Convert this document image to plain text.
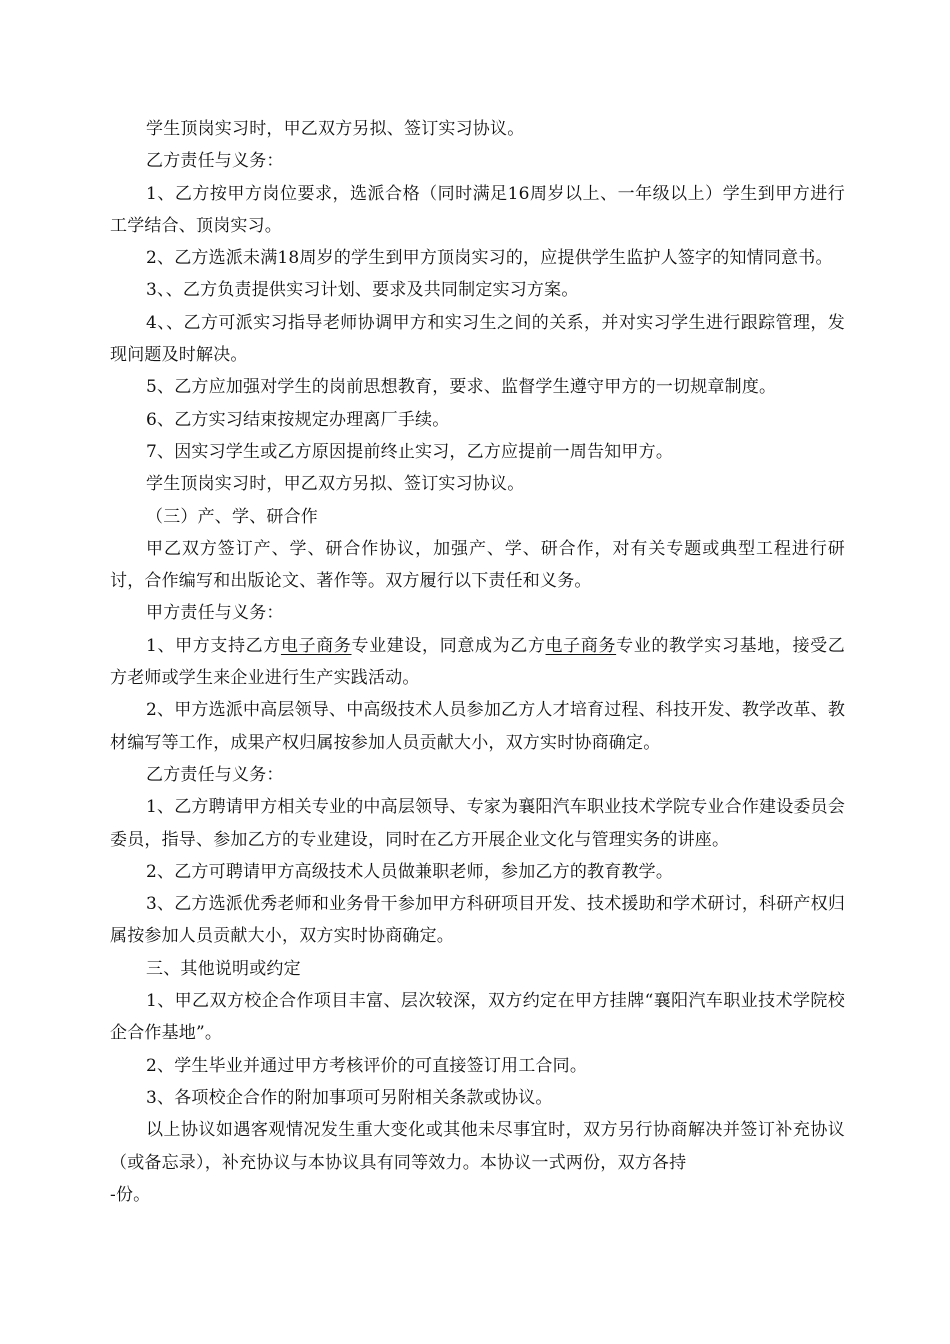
学生顶岗实习时，甲乙双方另拟、签订实习协议。

乙方责任与义务：

1、乙方按甲方岗位要求，选派合格（同时满足16周岁以上、一年级以上）学生到甲方进行工学结合、顶岗实习。

2、乙方选派未满18周岁的学生到甲方顶岗实习的，应提供学生监护人签字的知情同意书。

3、、乙方负责提供实习计划、要求及共同制定实习方案。

4、、乙方可派实习指导老师协调甲方和实习生之间的关系，并对实习学生进行跟踪管理，发现问题及时解决。

5、乙方应加强对学生的岗前思想教育，要求、监督学生遵守甲方的一切规章制度。

6、乙方实习结束按规定办理离厂手续。

7、因实习学生或乙方原因提前终止实习，乙方应提前一周告知甲方。

学生顶岗实习时，甲乙双方另拟、签订实习协议。

（三）产、学、研合作

甲乙双方签订产、学、研合作协议，加强产、学、研合作，对有关专题或典型工程进行研讨，合作编写和出版论文、著作等。双方履行以下责任和义务。

甲方责任与义务：

1、甲方支持乙方电子商务专业建设，同意成为乙方电子商务专业的教学实习基地，接受乙方老师或学生来企业进行生产实践活动。

2、甲方选派中高层领导、中高级技术人员参加乙方人才培育过程、科技开发、教学改革、教材编写等工作，成果产权归属按参加人员贡献大小，双方实时协商确定。

乙方责任与义务：

1、乙方聘请甲方相关专业的中高层领导、专家为襄阳汽车职业技术学院专业合作建设委员会委员，指导、参加乙方的专业建设，同时在乙方开展企业文化与管理实务的讲座。

2、乙方可聘请甲方高级技术人员做兼职老师，参加乙方的教育教学。

3、乙方选派优秀老师和业务骨干参加甲方科研项目开发、技术援助和学术研讨，科研产权归属按参加人员贡献大小，双方实时协商确定。

三、其他说明或约定

1、甲乙双方校企合作项目丰富、层次较深，双方约定在甲方挂牌“襄阳汽车职业技术学院校企合作基地”。

2、学生毕业并通过甲方考核评价的可直接签订用工合同。

3、各项校企合作的附加事项可另附相关条款或协议。

以上协议如遇客观情况发生重大变化或其他未尽事宜时，双方另行协商解决并签订补充协议（或备忘录），补充协议与本协议具有同等效力。本协议一式两份，双方各持

-份。
